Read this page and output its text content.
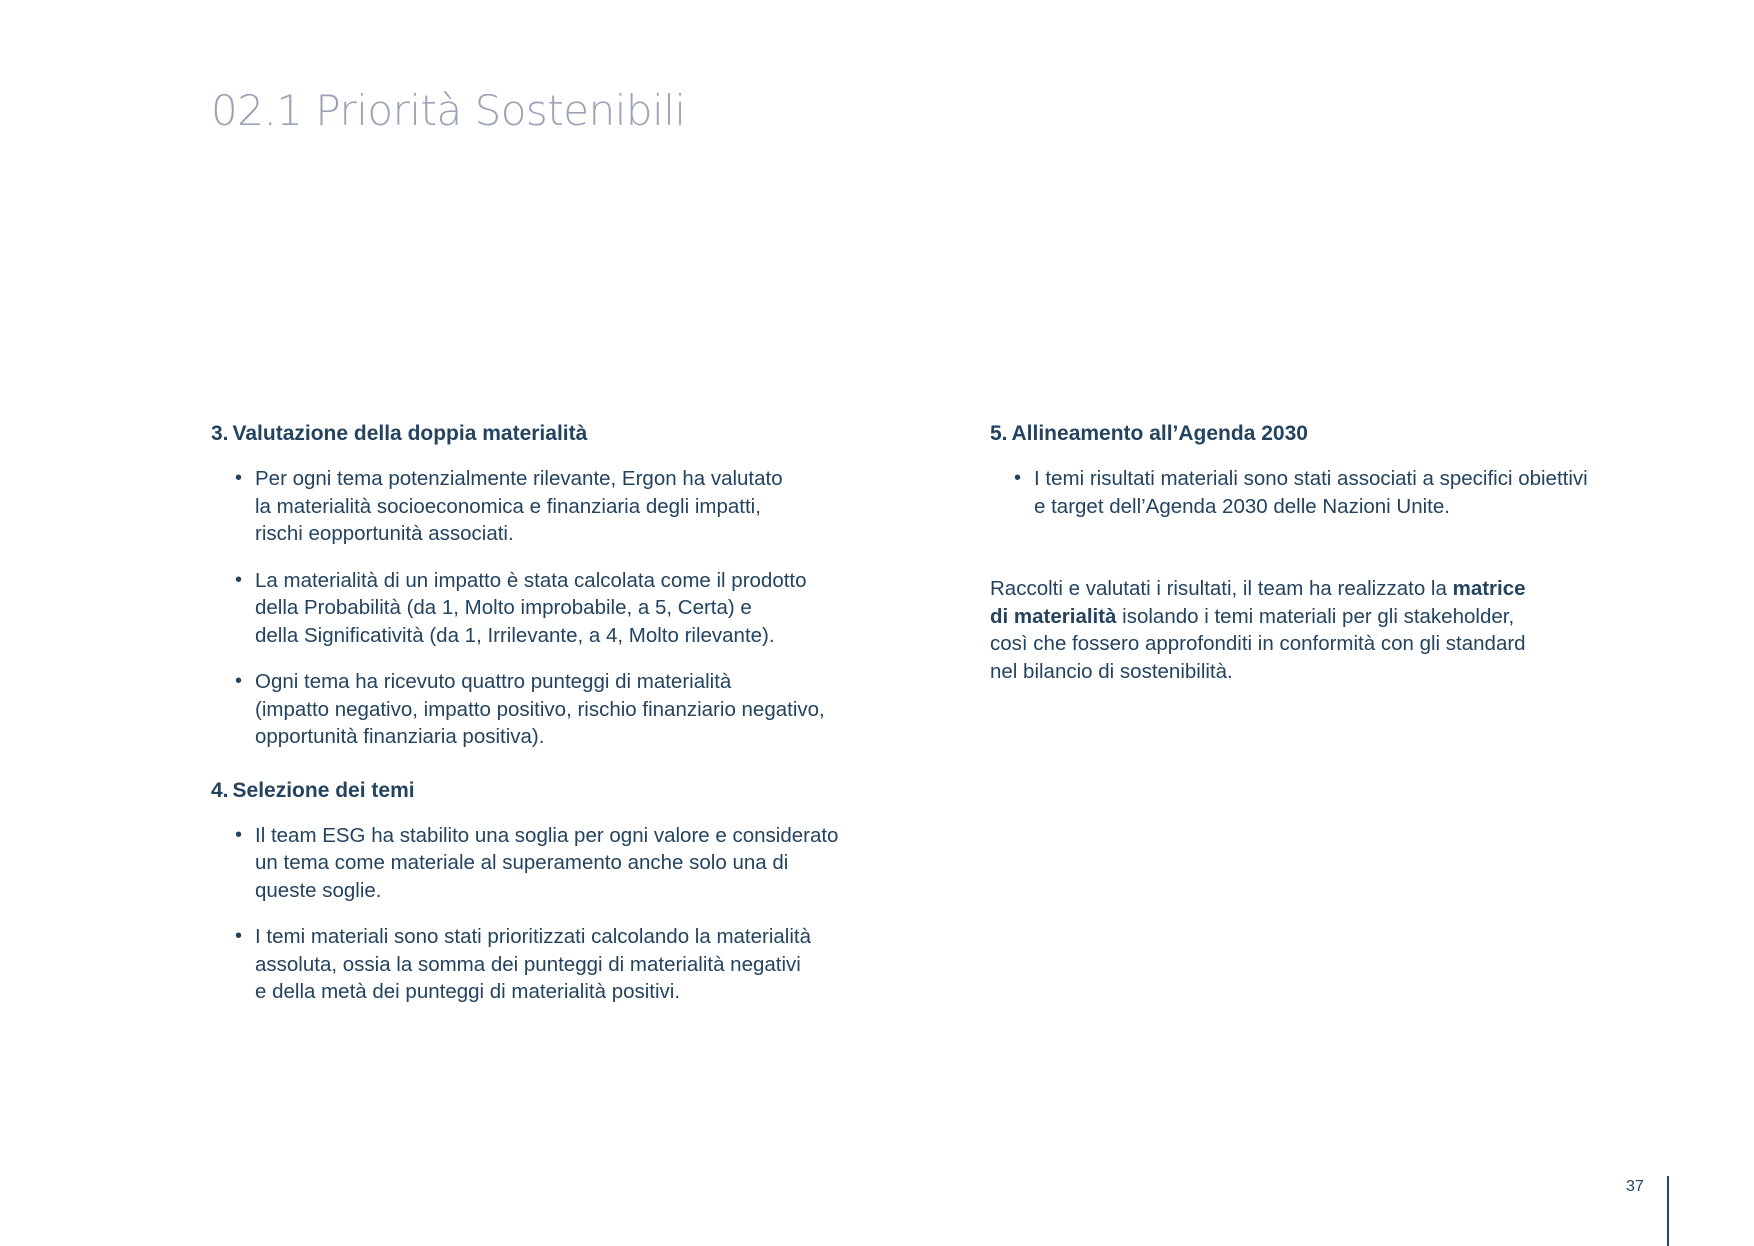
02.1 Priorità Sostenibili
3. Valutazione della doppia materialità
• Per ogni tema potenzialmente rilevante, Ergon ha valutato
la materialità socioeconomica e finanziaria degli impatti,
rischi eopportunità associati.
• La materialità di un impatto è stata calcolata come il prodotto
della Probabilità (da 1, Molto improbabile, a 5, Certa) e
della Significatività (da 1, Irrilevante, a 4, Molto rilevante).
• Ogni tema ha ricevuto quattro punteggi di materialità
(impatto negativo, impatto positivo, rischio finanziario negativo,
opportunità finanziaria positiva).
4. Selezione dei temi
• Il team ESG ha stabilito una soglia per ogni valore e considerato
un tema come materiale al superamento anche solo una di
queste soglie.
• I temi materiali sono stati prioritizzati calcolando la materialità
assoluta, ossia la somma dei punteggi di materialità negativi
e della metà dei punteggi di materialità positivi.
5. Allineamento all’Agenda 2030
• I temi risultati materiali sono stati associati a specifici obiettivi
e target dell’Agenda 2030 delle Nazioni Unite.

Raccolti e valutati i risultati, il team ha realizzato la matrice
di materialità isolando i temi materiali per gli stakeholder,
così che fossero approfonditi in conformità con gli standard
nel bilancio di sostenibilità.

37
